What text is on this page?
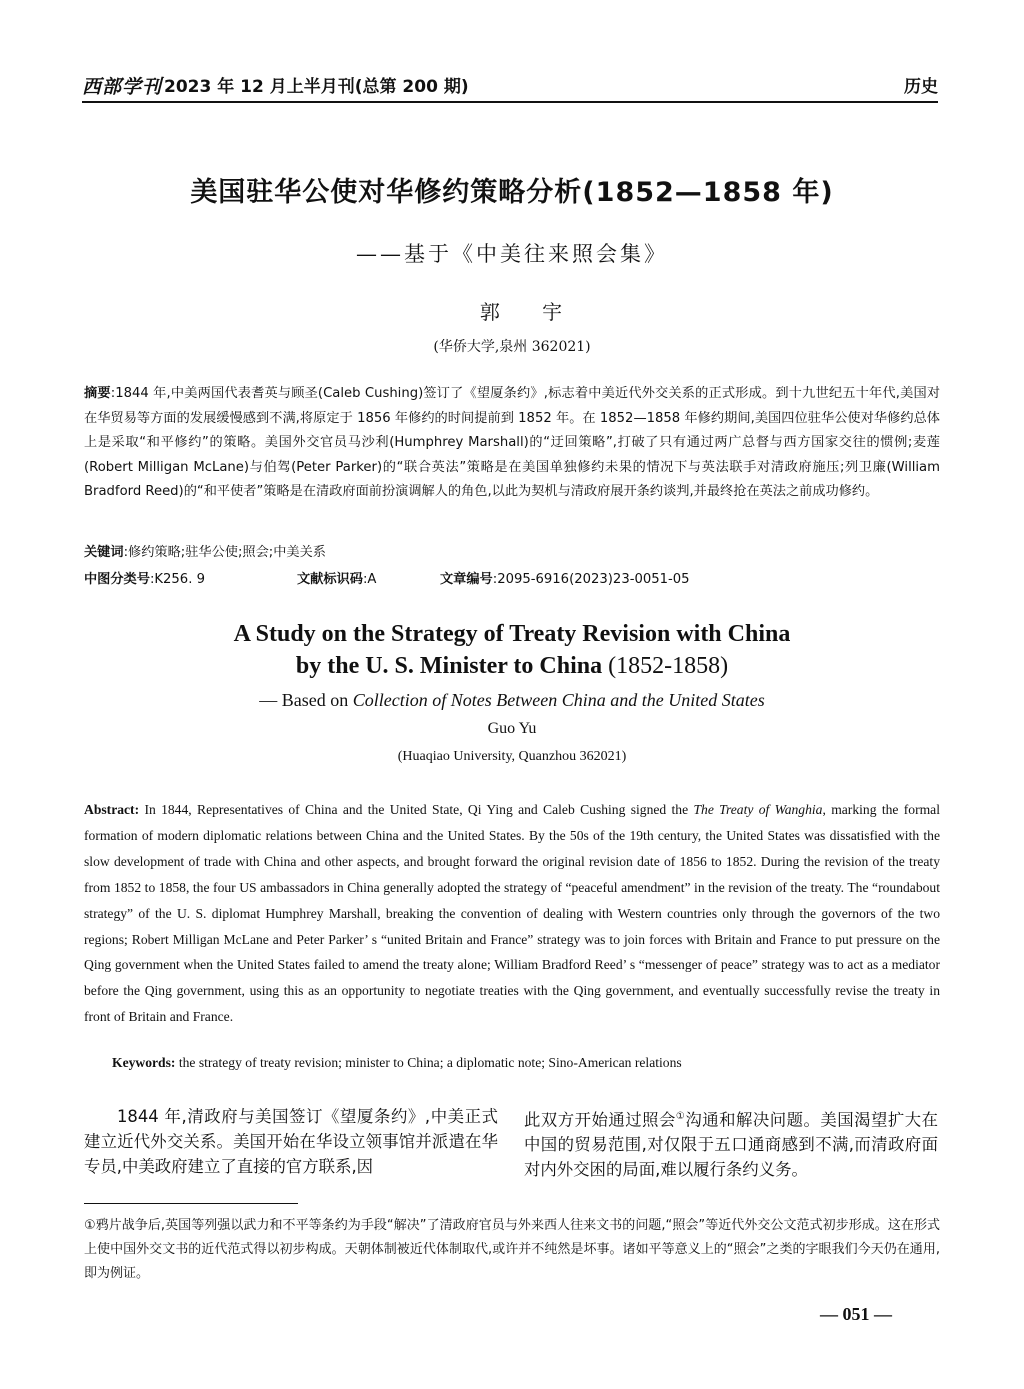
西部学刊 2023 年 12 月上半月刊(总第 200 期)	历史
美国驻华公使对华修约策略分析(1852—1858 年)
——基于《中美往来照会集》
郭 宇
(华侨大学,泉州 362021)
摘要:1844 年,中美两国代表耆英与顾圣(Caleb Cushing)签订了《望厦条约》,标志着中美近代外交关系的正式形成。到十九世纪五十年代,美国对在华贸易等方面的发展缓慢感到不满,将原定于 1856 年修约的时间提前到 1852 年。在 1852—1858 年修约期间,美国四位驻华公使对华修约总体上是采取“和平修约”的策略。美国外交官员马沙利(Humphrey Marshall)的“迂回策略”,打破了只有通过两广总督与西方国家交往的惯例;麦莲(Robert Milligan McLane)与伯驾(Peter Parker)的“联合英法”策略是在美国单独修约未果的情况下与英法联手对清政府施压;列卫廉(William Bradford Reed)的“和平使者”策略是在清政府面前扮演调解人的角色,以此为契机与清政府展开条约谈判,并最终抢在英法之前成功修约。
关键词:修约策略;驻华公使;照会;中美关系
中图分类号:K256. 9	文献标识码:A	文章编号:2095-6916(2023)23-0051-05
A Study on the Strategy of Treaty Revision with China
by the U. S. Minister to China (1852-1858)
— Based on Collection of Notes Between China and the United States
Guo Yu
(Huaqiao University, Quanzhou 362021)
Abstract: In 1844, Representatives of China and the United State, Qi Ying and Caleb Cushing signed the The Treaty of Wanghia, marking the formal formation of modern diplomatic relations between China and the United States. By the 50s of the 19th century, the United States was dissatisfied with the slow development of trade with China and other aspects, and brought forward the original revision date of 1856 to 1852. During the revision of the treaty from 1852 to 1858, the four US ambassadors in China generally adopted the strategy of “peaceful amendment” in the revision of the treaty. The “roundabout strategy” of the U. S. diplomat Humphrey Marshall, breaking the convention of dealing with Western countries only through the governors of the two regions; Robert Milligan McLane and Peter Parker’ s “united Britain and France” strategy was to join forces with Britain and France to put pressure on the Qing government when the United States failed to amend the treaty alone; William Bradford Reed’ s “messenger of peace” strategy was to act as a mediator before the Qing government, using this as an opportunity to negotiate treaties with the Qing government, and eventually successfully revise the treaty in front of Britain and France.
Keywords: the strategy of treaty revision; minister to China; a diplomatic note; Sino-American relations
1844 年,清政府与美国签订《望厦条约》,中美正式建立近代外交关系。美国开始在华设立领事馆并派遣在华专员,中美政府建立了直接的官方联系,因
此双方开始通过照会①沟通和解决问题。美国渴望扩大在中国的贸易范围,对仅限于五口通商感到不满,而清政府面对内外交困的局面,难以履行条约义务。
①鸦片战争后,英国等列强以武力和不平等条约为手段“解决”了清政府官员与外来西人往来文书的问题,“照会”等近代外交公文范式初步形成。这在形式上使中国外交文书的近代范式得以初步构成。天朝体制被近代体制取代,或许并不纯然是坏事。诸如平等意义上的“照会”之类的字眼我们今天仍在通用,即为例证。
— 051 —
